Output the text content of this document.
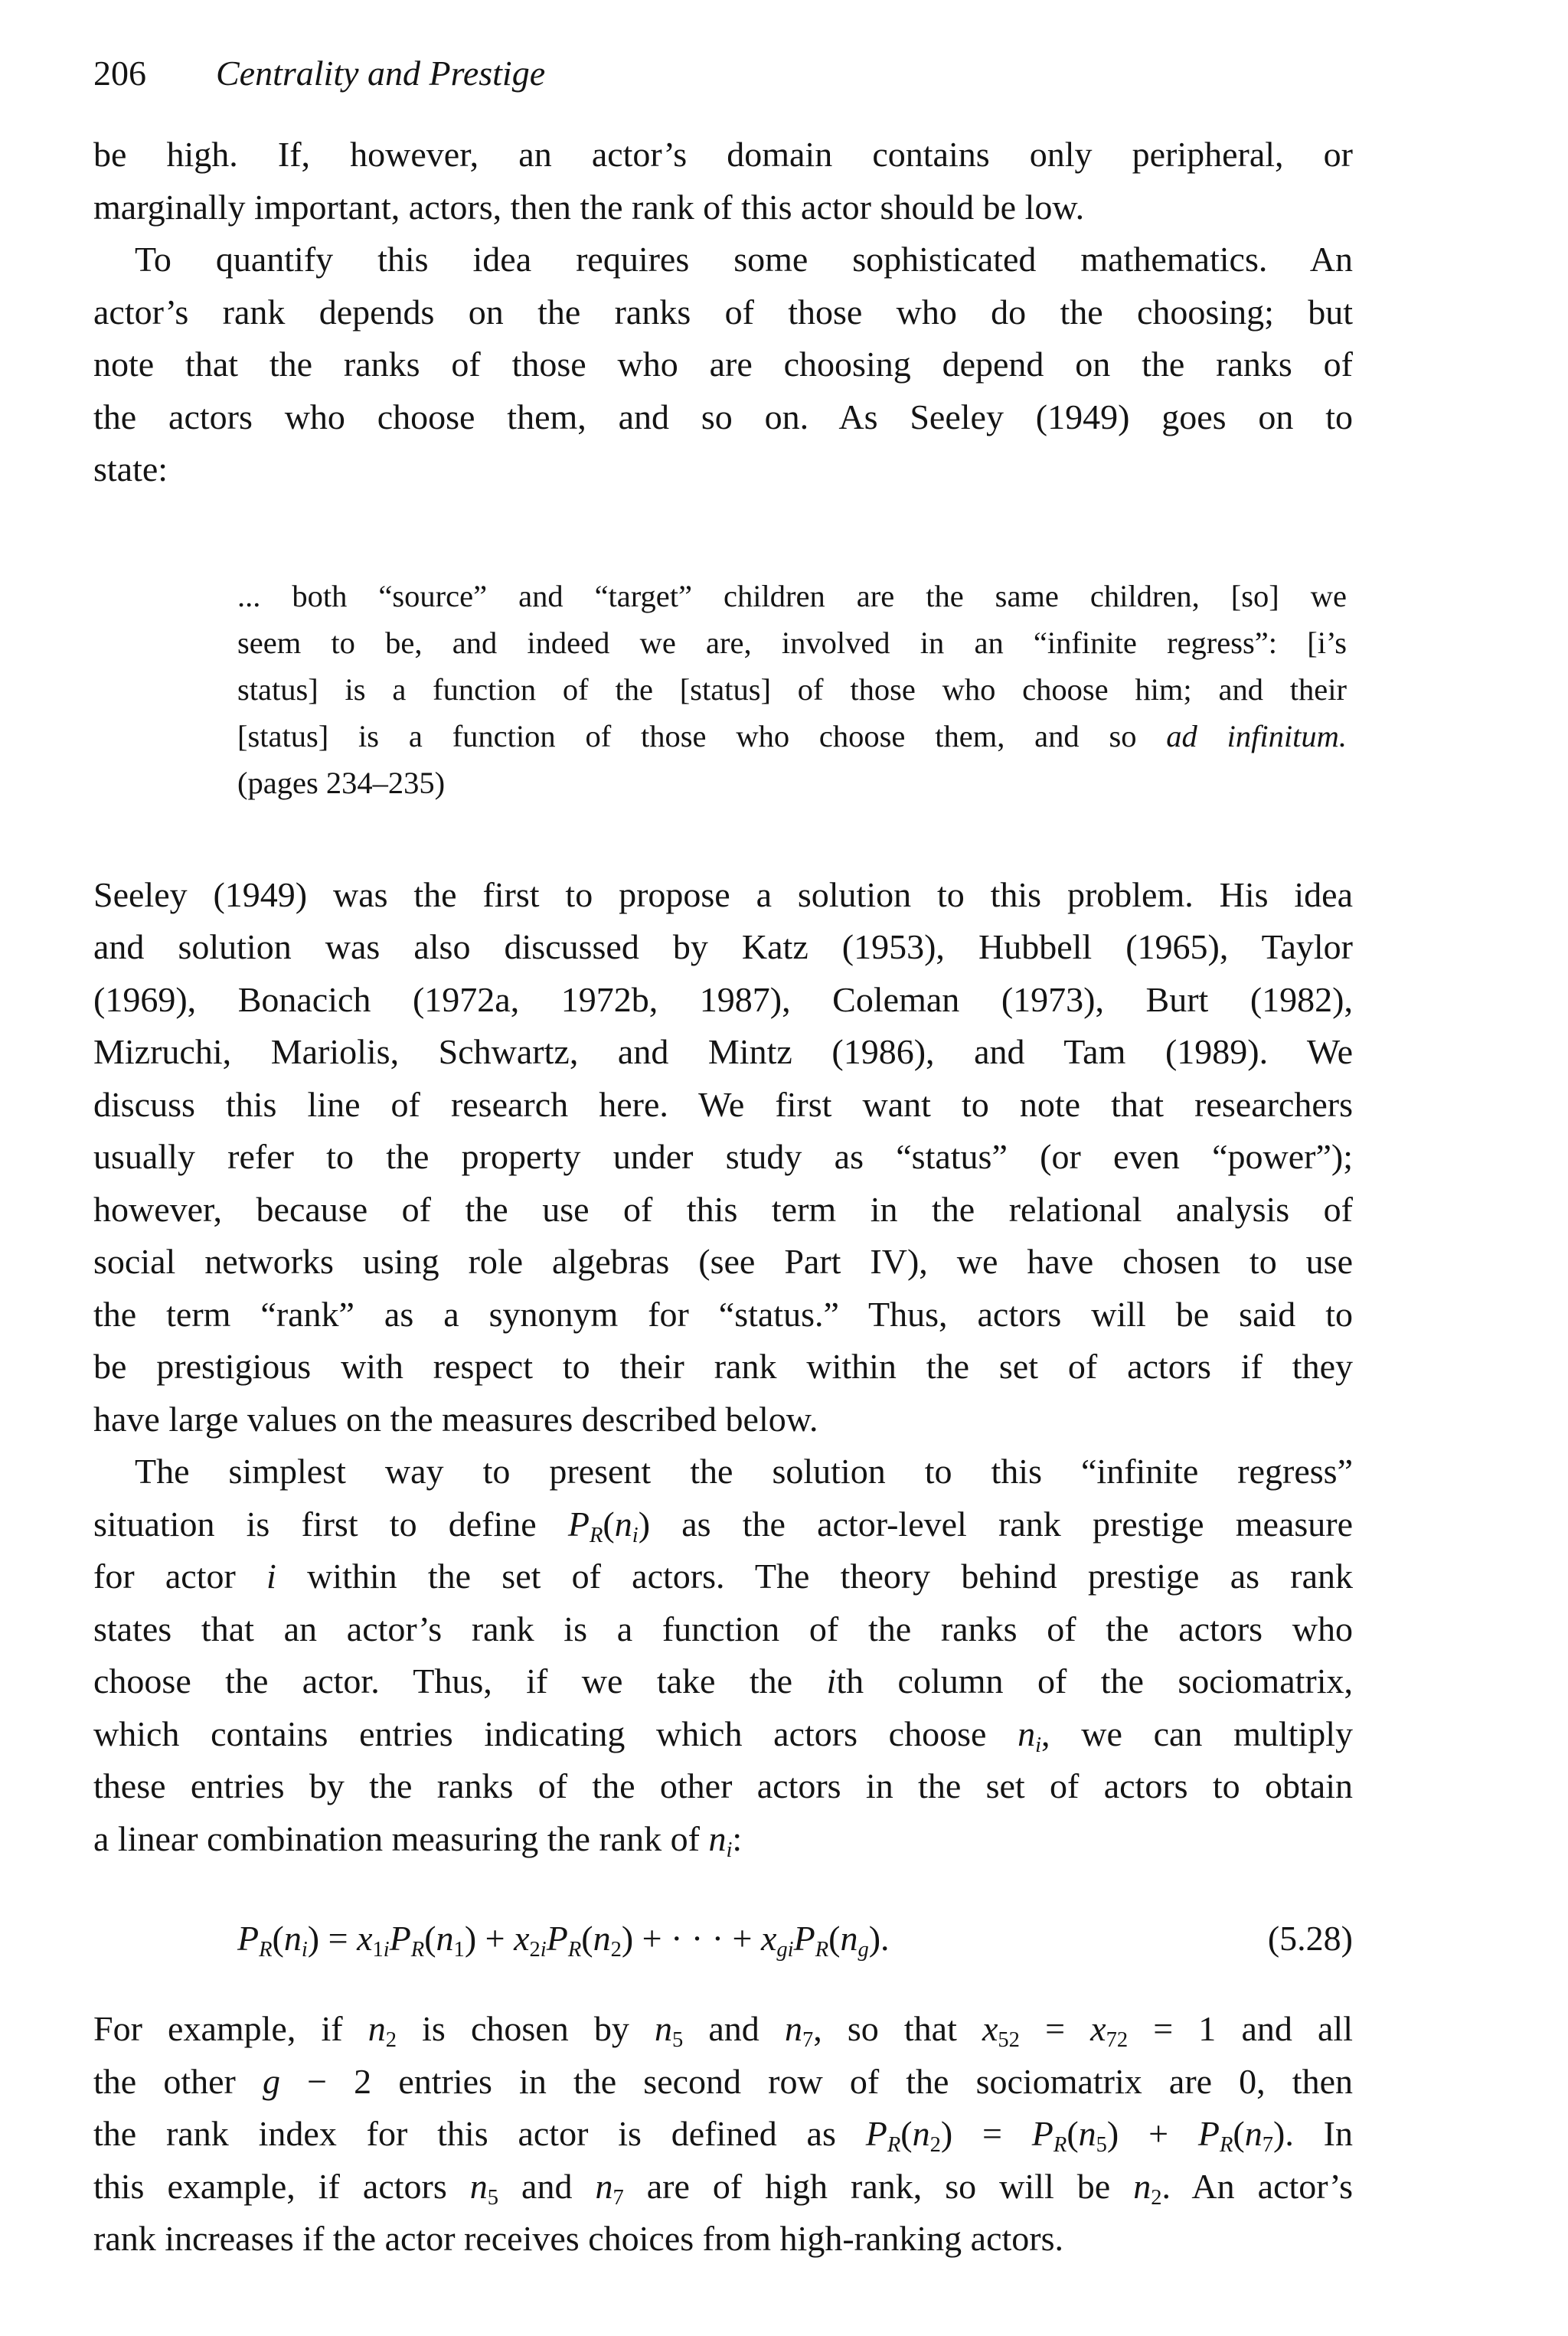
206 Centrality and Prestige
be high. If, however, an actor’s domain contains only peripheral, or
marginally important, actors, then the rank of this actor should be low.
To quantify this idea requires some sophisticated mathematics. An
actor’s rank depends on the ranks of those who do the choosing; but
note that the ranks of those who are choosing depend on the ranks of
the actors who choose them, and so on. As Seeley (1949) goes on to
state:
... both “source” and “target” children are the same children, [so] we
seem to be, and indeed we are, involved in an “infinite regress”: [i’s
status] is a function of the [status] of those who choose him; and their
[status] is a function of those who choose them, and so ad infinitum.
(pages 234–235)
Seeley (1949) was the first to propose a solution to this problem. His idea
and solution was also discussed by Katz (1953), Hubbell (1965), Taylor
(1969), Bonacich (1972a, 1972b, 1987), Coleman (1973), Burt (1982),
Mizruchi, Mariolis, Schwartz, and Mintz (1986), and Tam (1989). We
discuss this line of research here. We first want to note that researchers
usually refer to the property under study as “status” (or even “power”);
however, because of the use of this term in the relational analysis of
social networks using role algebras (see Part IV), we have chosen to use
the term “rank” as a synonym for “status.” Thus, actors will be said to
be prestigious with respect to their rank within the set of actors if they
have large values on the measures described below.
The simplest way to present the solution to this “infinite regress”
situation is first to define $P_R(n_i)$ as the actor-level rank prestige measure
for actor i within the set of actors. The theory behind prestige as rank
states that an actor’s rank is a function of the ranks of the actors who
choose the actor. Thus, if we take the ith column of the sociomatrix,
which contains entries indicating which actors choose $n_i$, we can multiply
these entries by the ranks of the other actors in the set of actors to obtain
a linear combination measuring the rank of $n_i$:
$P_R(n_i) = x_{1i}P_R(n_1) + x_{2i}P_R(n_2)$ + · · · + $x_{gi}P_R(n_g)$.	(5.28)
For example, if $n_2$ is chosen by $n_5$ and $n_7$, so that $x_{52} = x_{72} = 1$ and all
the other g − 2 entries in the second row of the sociomatrix are 0, then
the rank index for this actor is defined as $P_R(n_2) = P_R(n_5) + P_R(n_7)$. In
this example, if actors $n_5$ and $n_7$ are of high rank, so will be $n_2$. An actor’s
rank increases if the actor receives choices from high-ranking actors.
